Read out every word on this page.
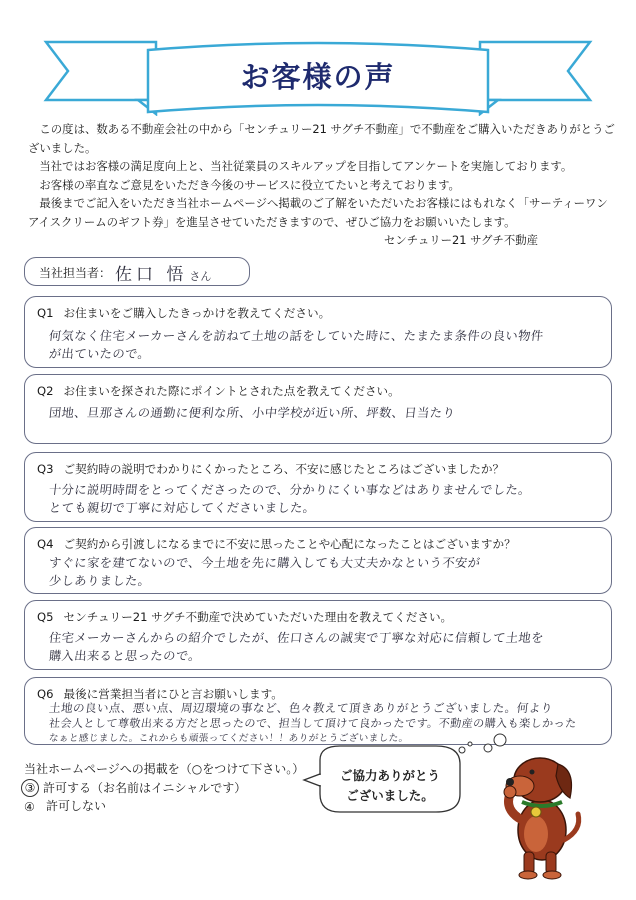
お客様の声

この度は、数ある不動産会社の中から「センチュリー21 サグチ不動産」で不動産をご購入いただきありがとうございました。

当社ではお客様の満足度向上と、当社従業員のスキルアップを目指してアンケートを実施しております。

お客様の率直なご意見をいただき今後のサービスに役立てたいと考えております。

最後までご記入をいただき当社ホームページへ掲載のご了解をいただいたお客様にはもれなく「サーティーワンアイスクリームのギフト券」を進呈させていただきますので、ぜひご協力をお願いいたします。

センチュリー21 サグチ不動産

当社担当者： 佐口 悟 さん
Q1 お住まいをご購入したきっかけを教えてください。
何気なく住宅メーカーさんを訪ねて土地の話をしていた時に、たまたま条件の良い物件
が出ていたので。
Q2 お住まいを探された際にポイントとされた点を教えてください。
団地、旦那さんの通勤に便利な所、小中学校が近い所、坪数、日当たり
Q3 ご契約時の説明でわかりにくかったところ、不安に感じたところはございましたか？
十分に説明時間をとってくださったので、分かりにくい事などはありませんでした。
とても親切で丁寧に対応してくださいました。
Q4 ご契約から引渡しになるまでに不安に思ったことや心配になったことはございますか？
すぐに家を建てないので、今土地を先に購入しても大丈夫かなという不安が
少しありました。
Q5 センチュリー21 サグチ不動産で決めていただいた理由を教えてください。
住宅メーカーさんからの紹介でしたが、佐口さんの誠実で丁寧な対応に信頼して土地を
購入出来ると思ったので。
Q6 最後に営業担当者にひと言お願いします。
土地の良い点、悪い点、周辺環境の事など、色々教えて頂きありがとうございました。何より
社会人として尊敬出来る方だと思ったので、担当して頂けて良かったです。不動産の購入も楽しかった
なぁと感じました。これからも頑張ってください！！ありがとうございました。
当社ホームページへの掲載を（○をつけて下さい。）
③ 許可する（お名前はイニシャルです）
④ 許可しない
ご協力ありがとう
ございました。
